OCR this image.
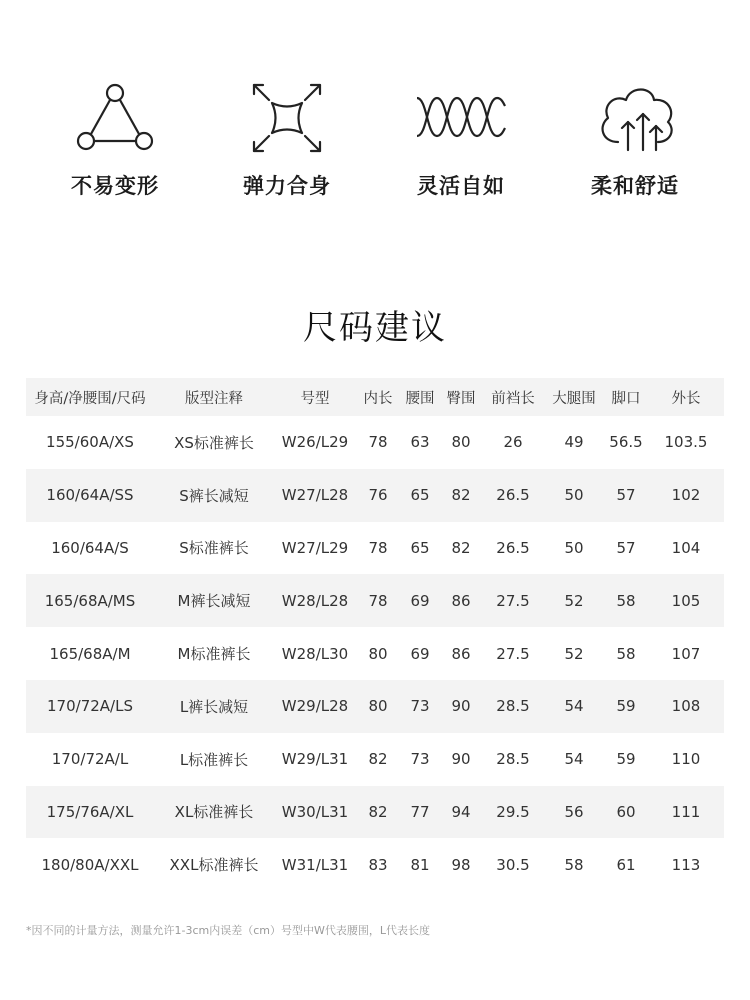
不易变形	弹力合身	灵活自如	柔和舒适
尺码建议
身高/净腰围/尺码	版型注释	号型	内长	腰围	臀围	前裆长	大腿围	脚口	外长
155/60A/XS	XS标准裤长	W26/L29	78	63	80	26	49	56.5	103.5
160/64A/SS	S裤长减短	W27/L28	76	65	82	26.5	50	57	102
160/64A/S	S标准裤长	W27/L29	78	65	82	26.5	50	57	104
165/68A/MS	M裤长减短	W28/L28	78	69	86	27.5	52	58	105
165/68A/M	M标准裤长	W28/L30	80	69	86	27.5	52	58	107
170/72A/LS	L裤长减短	W29/L28	80	73	90	28.5	54	59	108
170/72A/L	L标准裤长	W29/L31	82	73	90	28.5	54	59	110
175/76A/XL	XL标准裤长	W30/L31	82	77	94	29.5	56	60	111
180/80A/XXL	XXL标准裤长	W31/L31	83	81	98	30.5	58	61	113
*因不同的计量方法，测量允许1-3cm内误差（cm）号型中W代表腰围，L代表长度
